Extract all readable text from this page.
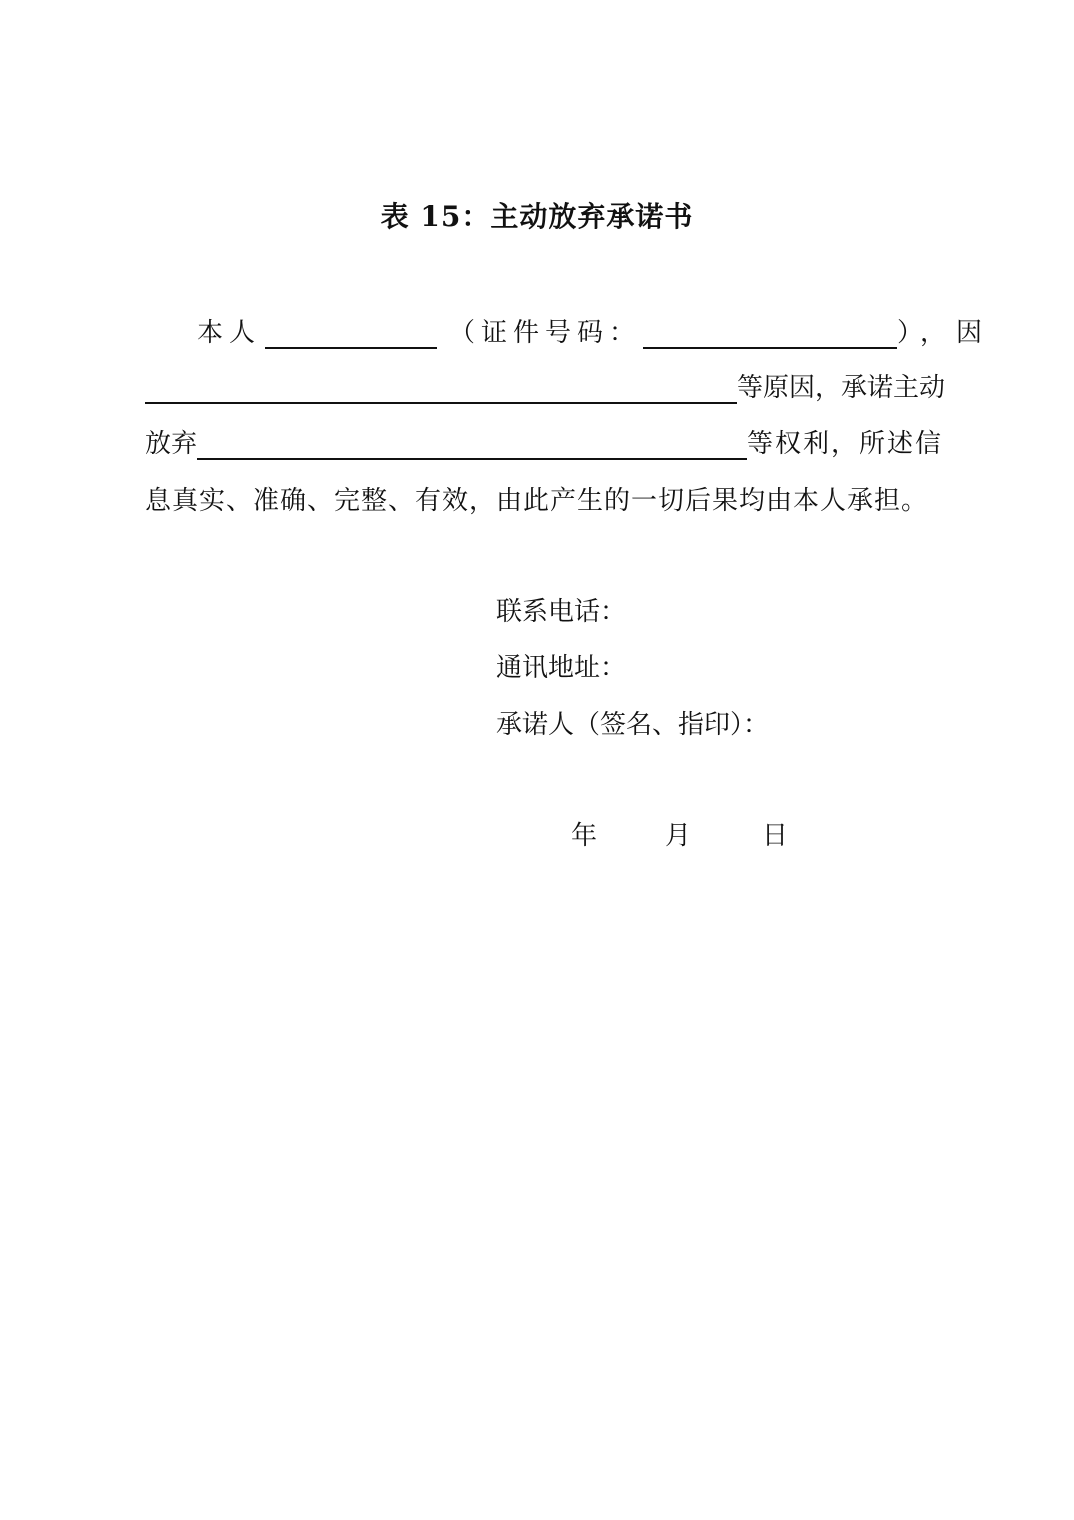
表 15：主动放弃承诺书
本人	（证件号码：	），因
等原因，承诺主动
放弃	等权利，所述信
息真实、准确、完整、有效，由此产生的一切后果均由本人承担。
联系电话：
通讯地址：
承诺人（签名、指印）：
年	月	日
